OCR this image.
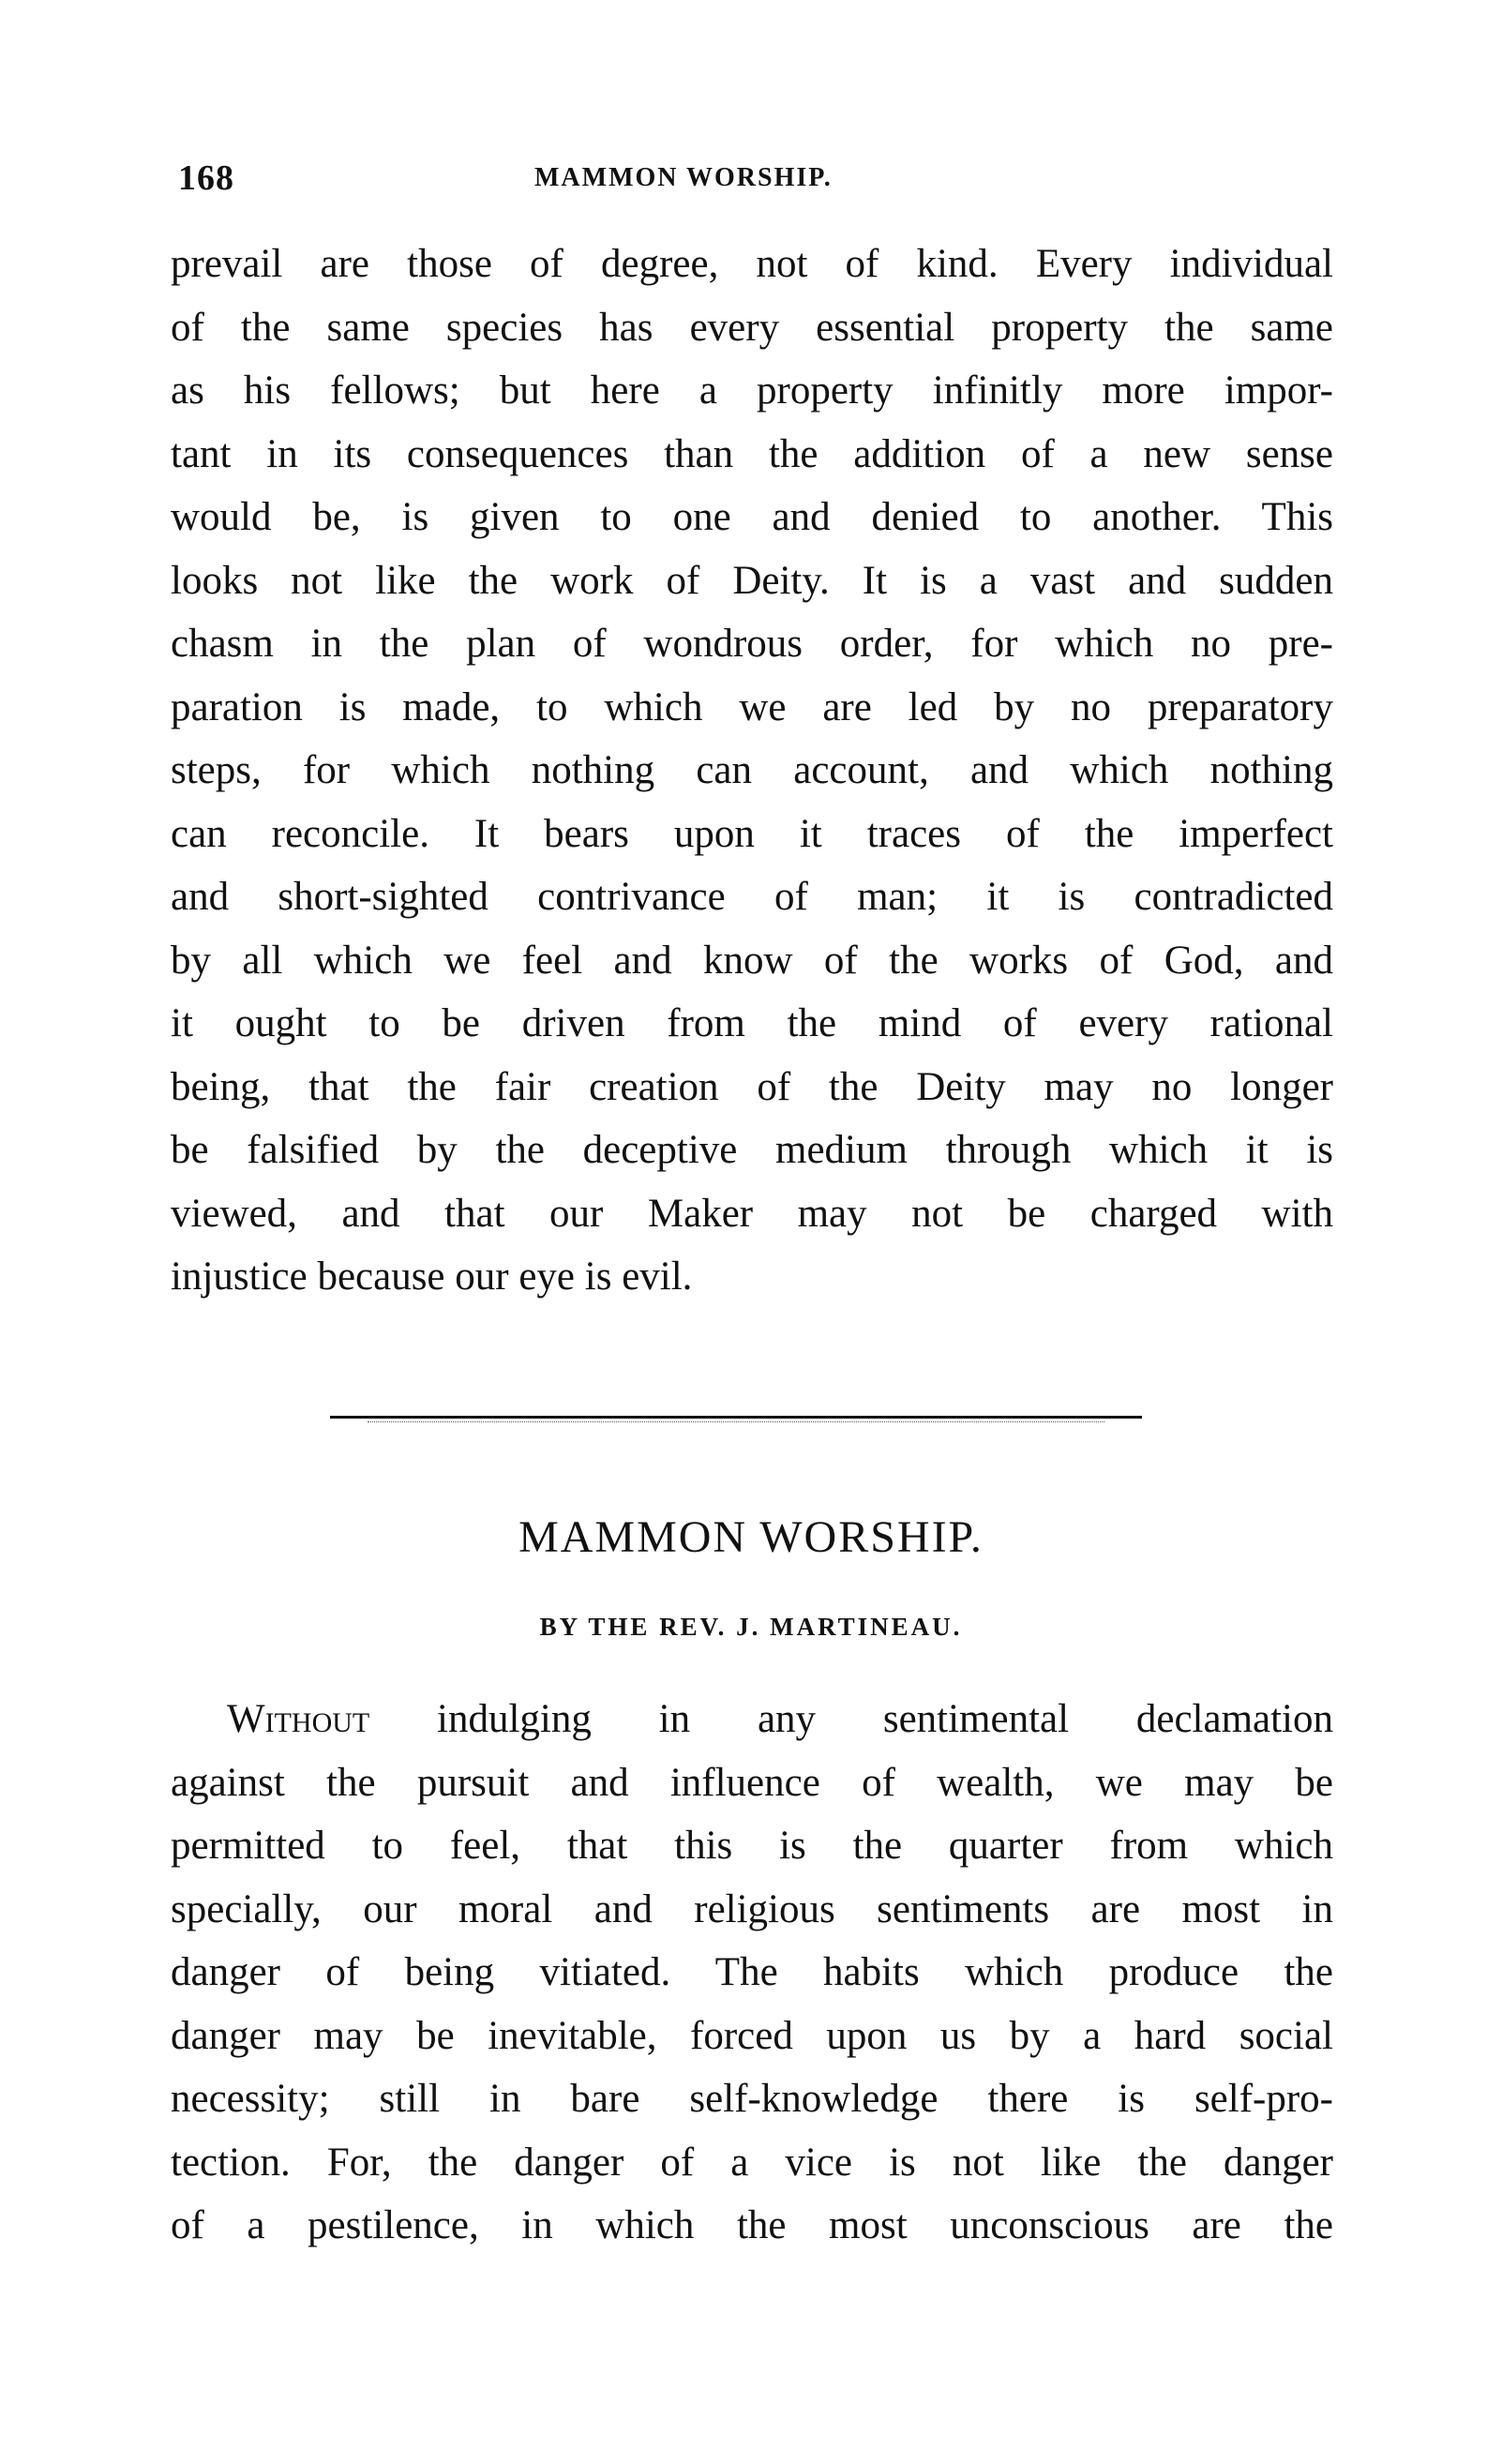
168	MAMMON WORSHIP.
prevail are those of degree, not of kind. Every individual
of the same species has every essential property the same
as his fellows; but here a property infinitly more impor-
tant in its consequences than the addition of a new sense
would be, is given to one and denied to another. This
looks not like the work of Deity. It is a vast and sudden
chasm in the plan of wondrous order, for which no pre-
paration is made, to which we are led by no preparatory
steps, for which nothing can account, and which nothing
can reconcile. It bears upon it traces of the imperfect
and short-sighted contrivance of man; it is contradicted
by all which we feel and know of the works of God, and
it ought to be driven from the mind of every rational
being, that the fair creation of the Deity may no longer
be falsified by the deceptive medium through which it is
viewed, and that our Maker may not be charged with
injustice because our eye is evil.
MAMMON WORSHIP.
BY THE REV. J. MARTINEAU.
Without indulging in any sentimental declamation
against the pursuit and influence of wealth, we may be
permitted to feel, that this is the quarter from which
specially, our moral and religious sentiments are most in
danger of being vitiated. The habits which produce the
danger may be inevitable, forced upon us by a hard social
necessity; still in bare self-knowledge there is self-pro-
tection. For, the danger of a vice is not like the danger
of a pestilence, in which the most unconscious are the
